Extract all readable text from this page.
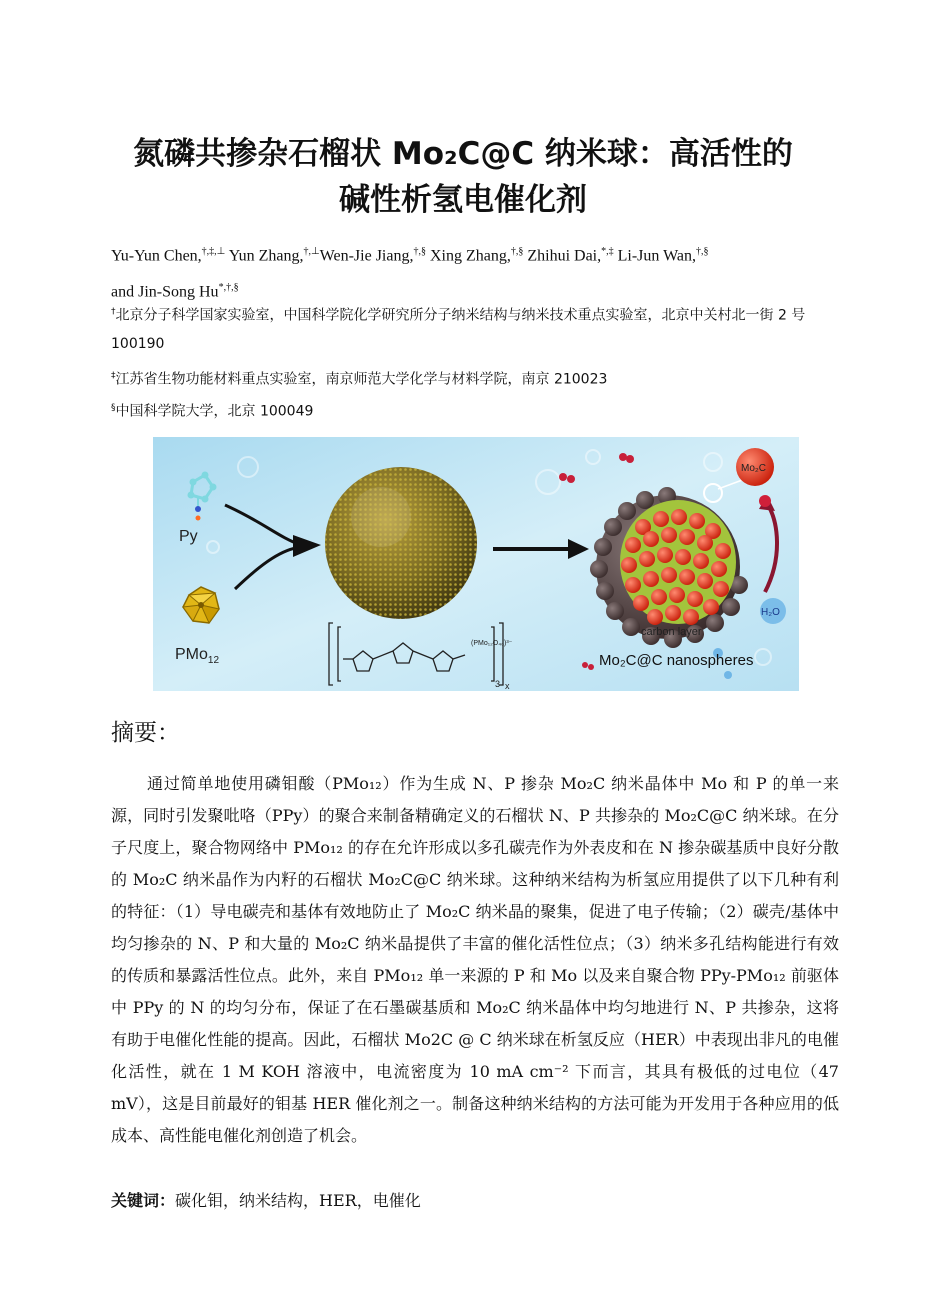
氮磷共掺杂石榴状 Mo₂C@C 纳米球：高活性的
碱性析氢电催化剂
Yu-Yun Chen,†,‡,⊥ Yun Zhang,†,⊥Wen-Jie Jiang,†,§ Xing Zhang,†,§ Zhihui Dai,*,‡ Li-Jun Wan,†,§
and Jin-Song Hu*,†,§
†北京分子科学国家实验室，中国科学院化学研究所分子纳米结构与纳米技术重点实验室，北京中关村北一街 2 号 100190
‡江苏省生物功能材料重点实验室，南京师范大学化学与材料学院，南京 210023
§中国科学院大学，北京 100049
Py
PMo$_{12}$
(PMo₁₂O₄₀)³⁻
3 x
Mo₂C
H₂O
carbon layer
Mo₂C@C nanospheres
摘要：

通过简单地使用磷钼酸（PMo₁₂）作为生成 N、P 掺杂 Mo₂C 纳米晶体中 Mo 和 P 的单一来源，同时引发聚吡咯（PPy）的聚合来制备精确定义的石榴状 N、P 共掺杂的 Mo₂C@C 纳米球。在分子尺度上，聚合物网络中 PMo₁₂ 的存在允许形成以多孔碳壳作为外表皮和在 N 掺杂碳基质中良好分散的 Mo₂C 纳米晶作为内籽的石榴状 Mo₂C@C 纳米球。这种纳米结构为析氢应用提供了以下几种有利的特征：（1）导电碳壳和基体有效地防止了 Mo₂C 纳米晶的聚集，促进了电子传输；（2）碳壳/基体中均匀掺杂的 N、P 和大量的 Mo₂C 纳米晶提供了丰富的催化活性位点；（3）纳米多孔结构能进行有效的传质和暴露活性位点。此外，来自 PMo₁₂ 单一来源的 P 和 Mo 以及来自聚合物 PPy-PMo₁₂ 前驱体中 PPy 的 N 的均匀分布，保证了在石墨碳基质和 Mo₂C 纳米晶体中均匀地进行 N、P 共掺杂，这将有助于电催化性能的提高。因此，石榴状 Mo2C @ C 纳米球在析氢反应（HER）中表现出非凡的电催化活性，就在 1 M KOH 溶液中，电流密度为 10 mA cm⁻² 下而言，其具有极低的过电位（47 mV），这是目前最好的钼基 HER 催化剂之一。制备这种纳米结构的方法可能为开发用于各种应用的低成本、高性能电催化剂创造了机会。

关键词：碳化钼，纳米结构，HER，电催化
